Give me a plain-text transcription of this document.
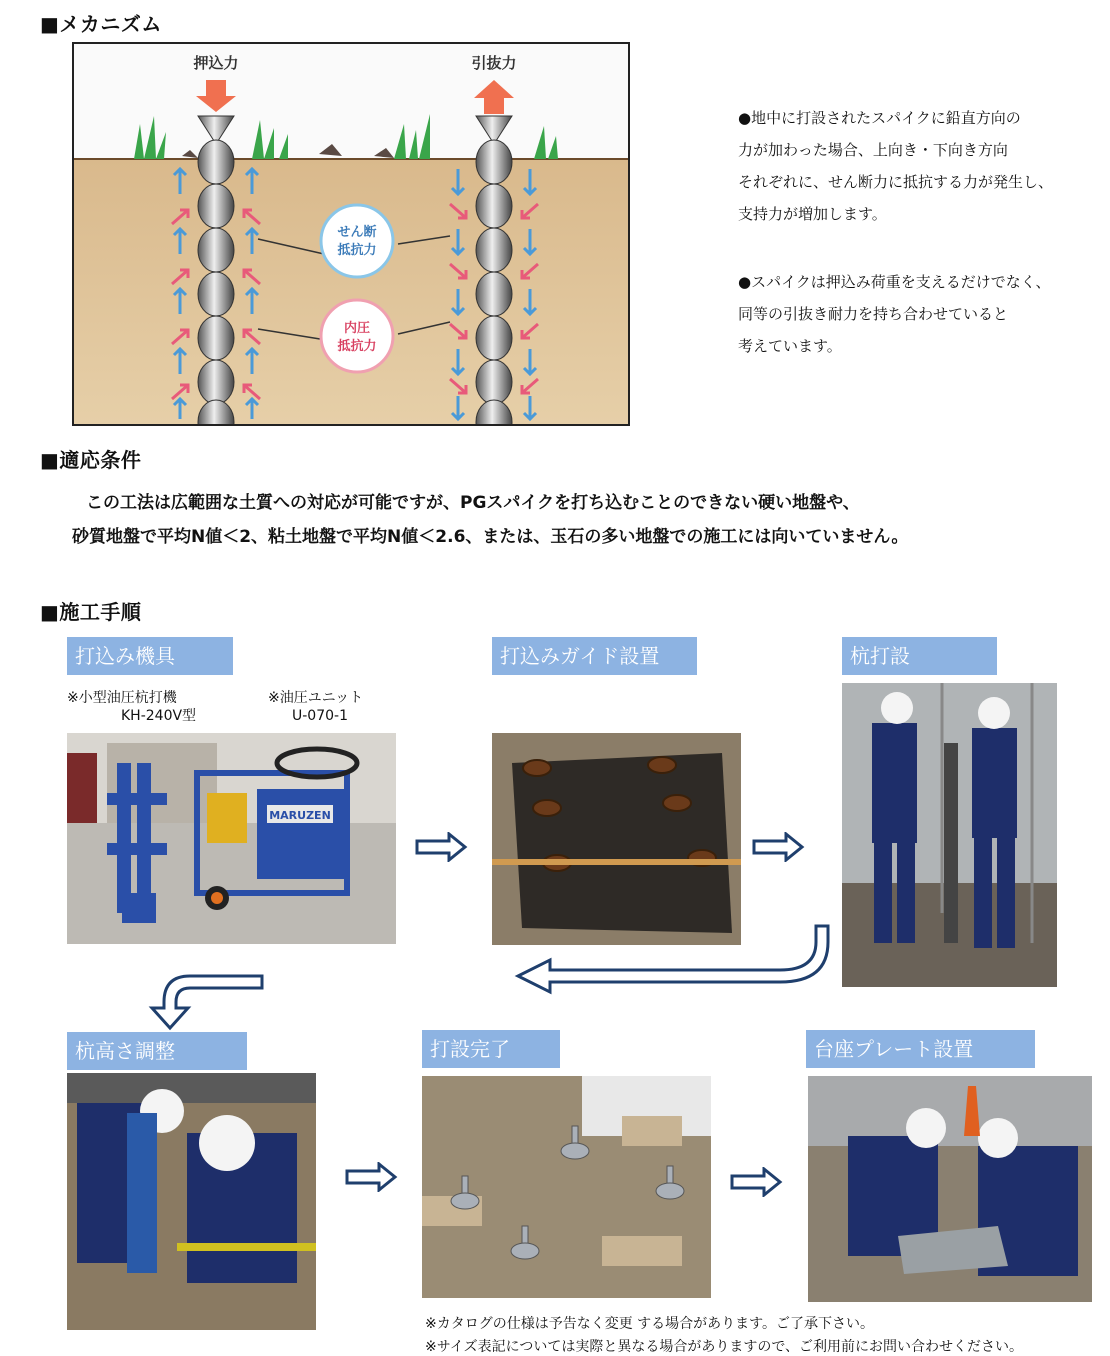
■メカニズム
押込力	引抜力
せん断
抵抗力
内圧
抵抗力
●地中に打設されたスパイクに鉛直方向の
力が加わった場合、上向き・下向き方向
それぞれに、せん断力に抵抗する力が発生し、
支持力が増加します。
●スパイクは押込み荷重を支えるだけでなく、
同等の引抜き耐力を持ち合わせていると
考えています。
■適応条件
この工法は広範囲な土質への対応が可能ですが、PGスパイクを打ち込むことのできない硬い地盤や、
砂質地盤で平均N値＜2、粘土地盤で平均N値＜2.6、または、玉石の多い地盤での施工には向いていません。
■施工手順
打込み機具
※小型油圧杭打機
KH-240V型
※油圧ユニット
U-070-1
MARUZEN
打込みガイド設置	杭打設
杭高さ調整	打設完了	台座プレート設置
※カタログの仕様は予告なく変更 する場合があります。ご了承下さい。
※サイズ表記については実際と異なる場合がありますので、ご利用前にお問い合わせください。
